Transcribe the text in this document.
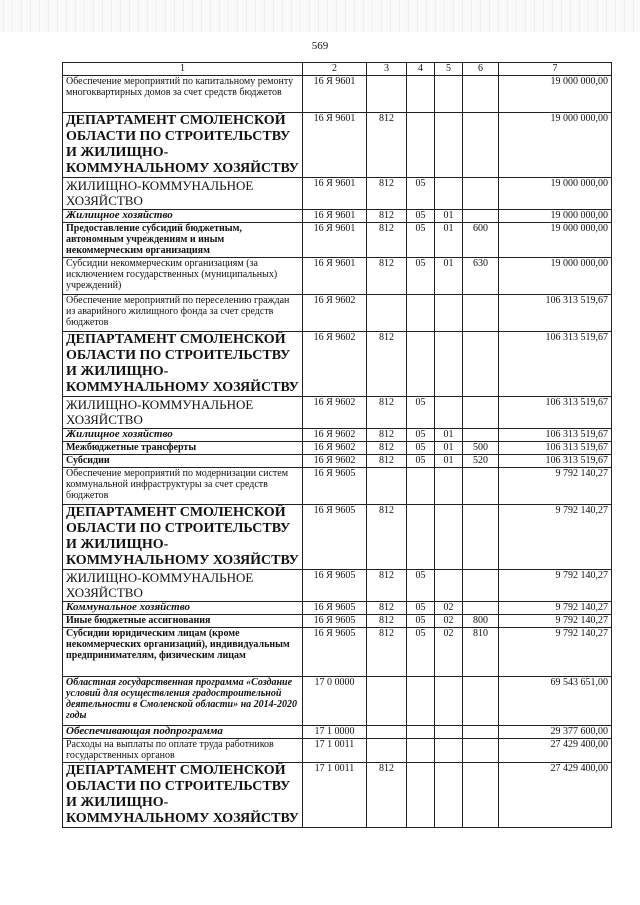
569
1	2	3	4	5	6	7
Обеспечение мероприятий по капитальному ремонту многоквартирных домов за счет средств бюджетов	16 Я 9601					19 000 000,00
ДЕПАРТАМЕНТ СМОЛЕНСКОЙ ОБЛАСТИ ПО СТРОИТЕЛЬСТВУ И ЖИЛИЩНО-КОММУНАЛЬНОМУ ХОЗЯЙСТВУ	16 Я 9601	812				19 000 000,00
ЖИЛИЩНО-КОММУНАЛЬНОЕ ХОЗЯЙСТВО	16 Я 9601	812	05			19 000 000,00
Жилищное хозяйство	16 Я 9601	812	05	01		19 000 000,00
Предоставление субсидий бюджетным, автономным учреждениям и иным некоммерческим организациям	16 Я 9601	812	05	01	600	19 000 000,00
Субсидии некоммерческим организациям (за исключением государственных (муниципальных) учреждений)	16 Я 9601	812	05	01	630	19 000 000,00
Обеспечение мероприятий по переселению граждан из аварийного жилищного фонда за счет средств бюджетов	16 Я 9602					106 313 519,67
ДЕПАРТАМЕНТ СМОЛЕНСКОЙ ОБЛАСТИ ПО СТРОИТЕЛЬСТВУ И ЖИЛИЩНО-КОММУНАЛЬНОМУ ХОЗЯЙСТВУ	16 Я 9602	812				106 313 519,67
ЖИЛИЩНО-КОММУНАЛЬНОЕ ХОЗЯЙСТВО	16 Я 9602	812	05			106 313 519,67
Жилищное хозяйство	16 Я 9602	812	05	01		106 313 519,67
Межбюджетные трансферты	16 Я 9602	812	05	01	500	106 313 519,67
Субсидии	16 Я 9602	812	05	01	520	106 313 519,67
Обеспечение мероприятий по модернизации систем коммунальной инфраструктуры за счет средств бюджетов	16 Я 9605					9 792 140,27
ДЕПАРТАМЕНТ СМОЛЕНСКОЙ ОБЛАСТИ ПО СТРОИТЕЛЬСТВУ И ЖИЛИЩНО-КОММУНАЛЬНОМУ ХОЗЯЙСТВУ	16 Я 9605	812				9 792 140,27
ЖИЛИЩНО-КОММУНАЛЬНОЕ ХОЗЯЙСТВО	16 Я 9605	812	05			9 792 140,27
Коммунальное хозяйство	16 Я 9605	812	05	02		9 792 140,27
Иные бюджетные ассигнования	16 Я 9605	812	05	02	800	9 792 140,27
Субсидии юридическим лицам (кроме некоммерческих организаций), индивидуальным предпринимателям, физическим лицам	16 Я 9605	812	05	02	810	9 792 140,27
Областная государственная программа «Создание условий для осуществления градостроительной деятельности в Смоленской области» на 2014-2020 годы	17 0 0000					69 543 651,00
Обеспечивающая подпрограмма	17 1 0000					29 377 600,00
Расходы на выплаты по оплате труда работников государственных органов	17 1 0011					27 429 400,00
ДЕПАРТАМЕНТ СМОЛЕНСКОЙ ОБЛАСТИ ПО СТРОИТЕЛЬСТВУ И ЖИЛИЩНО-КОММУНАЛЬНОМУ ХОЗЯЙСТВУ	17 1 0011	812				27 429 400,00
